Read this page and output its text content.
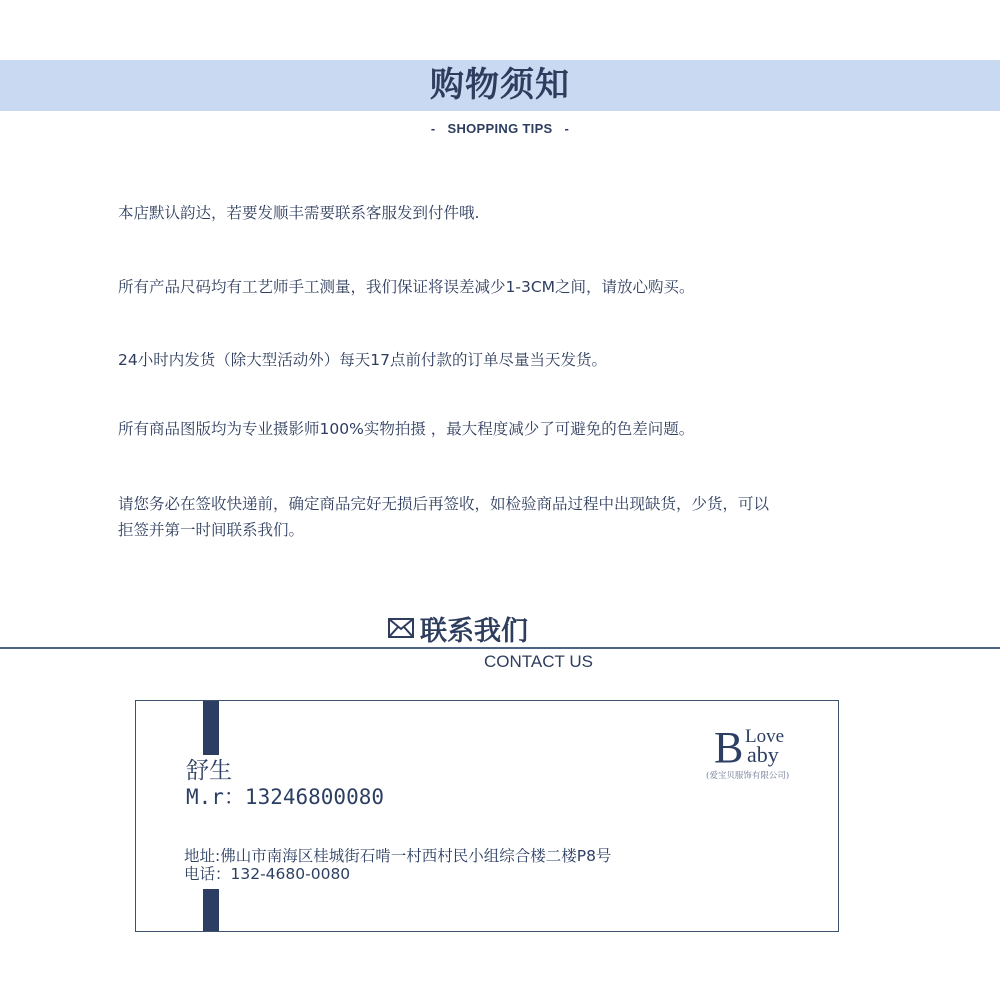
购物须知
- SHOPPING TIPS -
本店默认韵达，若要发顺丰需要联系客服发到付件哦.
所有产品尺码均有工艺师手工测量，我们保证将误差减少1-3CM之间，请放心购买。
24小时内发货（除大型活动外）每天17点前付款的订单尽量当天发货。
所有商品图版均为专业摄影师100%实物拍摄 ，最大程度减少了可避免的色差问题。
请您务必在签收快递前，确定商品完好无损后再签收，如检验商品过程中出现缺货，少货，可以
拒签并第一时间联系我们。
联系我们
CONTACT US
舒生
M.r：13246800080
地址:佛山市南海区桂城街石啃一村西村民小组综合楼二楼P8号
电话：132-4680-0080
B Love
aby
(爱宝贝服饰有限公司)
